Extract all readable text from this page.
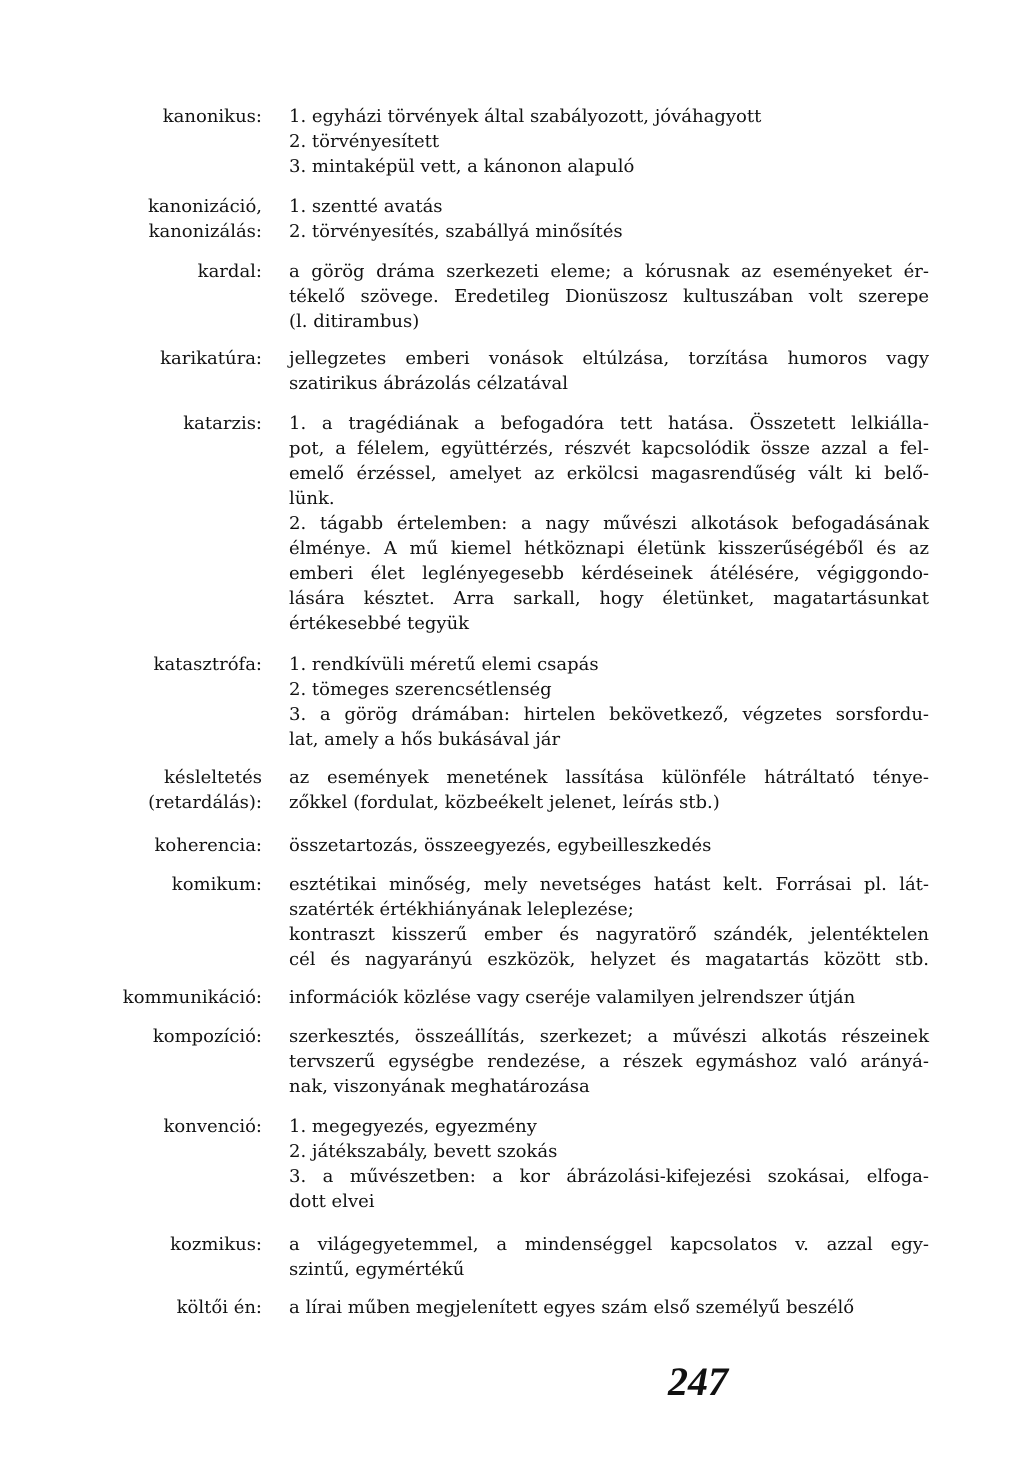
kanonikus: 1. egyházi törvények által szabályozott, jóváhagyott
2. törvényesített
3. mintaképül vett, a kánonon alapuló
kanonizáció,
kanonizálás:
1. szentté avatás
2. törvényesítés, szabállyá minősítés
kardal: a görög dráma szerkezeti eleme; a kórusnak az eseményeket ér-
tékelő szövege. Eredetileg Dionüszosz kultuszában volt szerepe
(l. ditirambus)
karikatúra: jellegzetes emberi vonások eltúlzása, torzítása humoros vagy
szatirikus ábrázolás célzatával
katarzis: 1. a tragédiának a befogadóra tett hatása. Összetett lelkiálla-
pot, a félelem, együttérzés, részvét kapcsolódik össze azzal a fel-
emelő érzéssel, amelyet az erkölcsi magasrendűség vált ki belő-
lünk.
2. tágabb értelemben: a nagy művészi alkotások befogadásának
élménye. A mű kiemel hétköznapi életünk kisszerűségéből és az
emberi élet leglényegesebb kérdéseinek átélésére, végiggondo-
lására késztet. Arra sarkall, hogy életünket, magatartásunkat
értékesebbé tegyük
katasztrófa: 1. rendkívüli méretű elemi csapás
2. tömeges szerencsétlenség
3. a görög drámában: hirtelen bekövetkező, végzetes sorsfordu-
lat, amely a hős bukásával jár
késleltetés
(retardálás):
az események menetének lassítása különféle hátráltató ténye-
zőkkel (fordulat, közbeékelt jelenet, leírás stb.)
koherencia: összetartozás, összeegyezés, egybeilleszkedés
komikum: esztétikai minőség, mely nevetséges hatást kelt. Forrásai pl. lát-
szatérték értékhiányának leleplezése;
kontraszt kisszerű ember és nagyratörő szándék, jelentéktelen
cél és nagyarányú eszközök, helyzet és magatartás között stb.
kommunikáció: információk közlése vagy cseréje valamilyen jelrendszer útján
kompozíció: szerkesztés, összeállítás, szerkezet; a művészi alkotás részeinek
tervszerű egységbe rendezése, a részek egymáshoz való arányá-
nak, viszonyának meghatározása
konvenció: 1. megegyezés, egyezmény
2. játékszabály, bevett szokás
3. a művészetben: a kor ábrázolási-kifejezési szokásai, elfoga-
dott elvei
kozmikus: a világegyetemmel, a mindenséggel kapcsolatos v. azzal egy-
szintű, egymértékű
költői én: a lírai műben megjelenített egyes szám első személyű beszélő
247
